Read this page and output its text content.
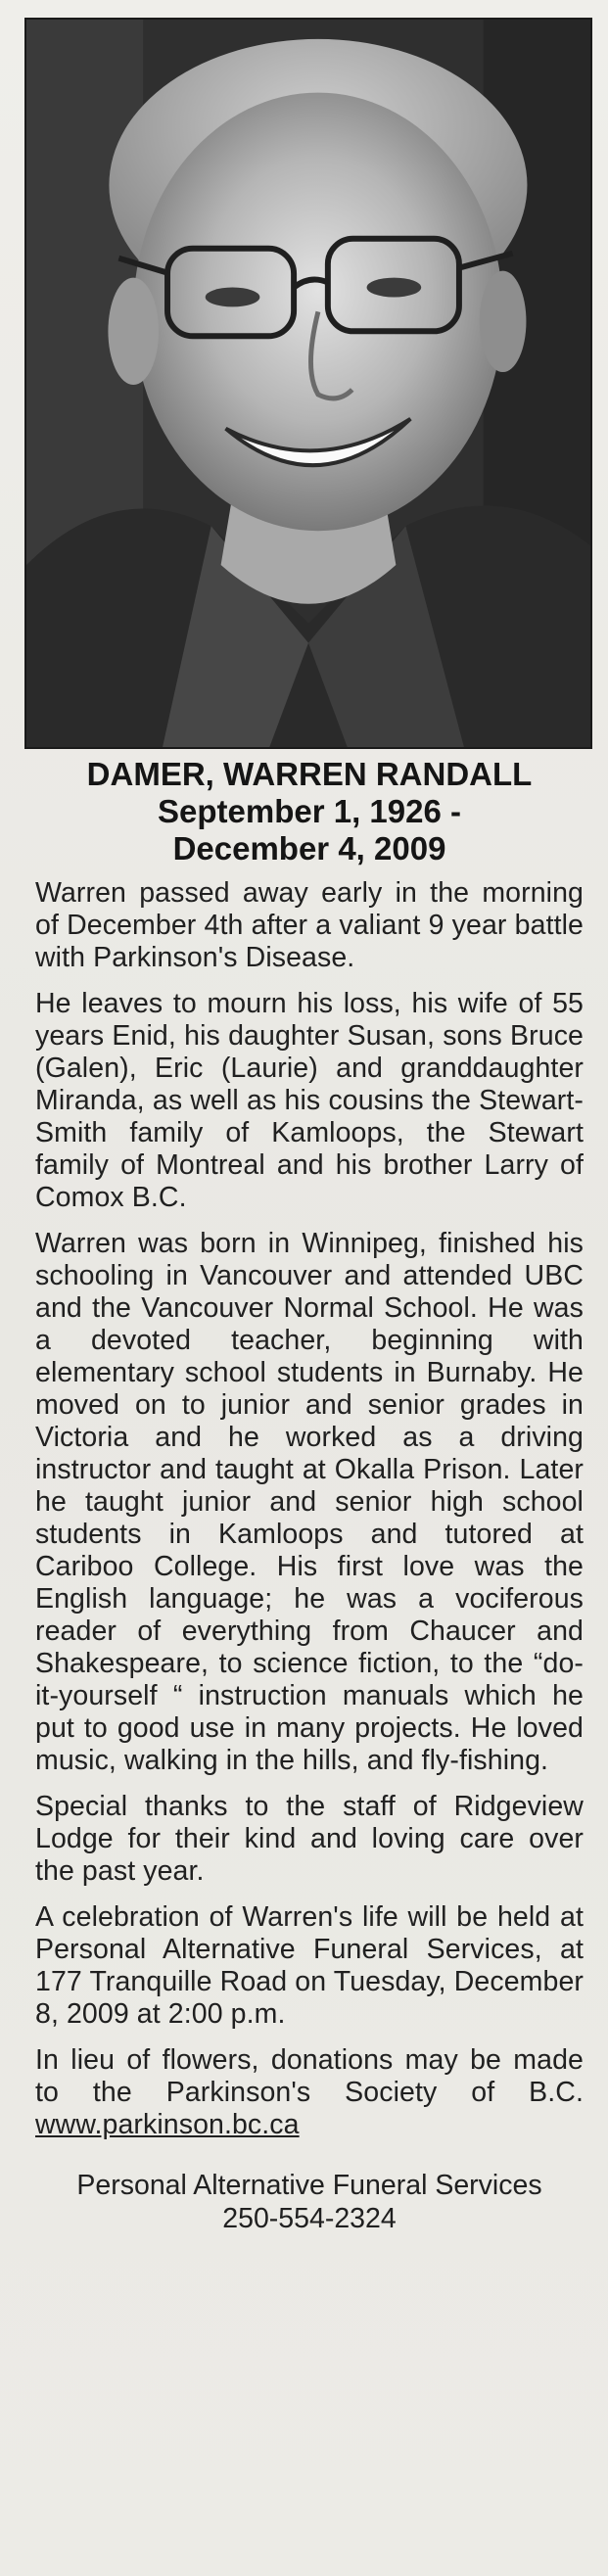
DAMER, WARREN RANDALL
September 1, 1926 -
December 4, 2009

Warren passed away early in the morning of December 4th after a valiant 9 year battle with Parkinson's Disease.

He leaves to mourn his loss, his wife of 55 years Enid, his daughter Susan, sons Bruce (Galen), Eric (Laurie) and granddaughter Miranda, as well as his cousins the Stewart-Smith family of Kamloops, the Stewart family of Montreal and his brother Larry of Comox B.C.

Warren was born in Winnipeg, finished his schooling in Vancouver and attended UBC and the Vancouver Normal School. He was a devoted teacher, beginning with elementary school students in Burnaby. He moved on to junior and senior grades in Victoria and he worked as a driving instructor and taught at Okalla Prison. Later he taught junior and senior high school students in Kamloops and tutored at Cariboo College. His first love was the English language; he was a vociferous reader of everything from Chaucer and Shakespeare, to science fiction, to the “do-it-yourself “ instruction manuals which he put to good use in many projects. He loved music, walking in the hills, and fly-fishing.

Special thanks to the staff of Ridgeview Lodge for their kind and loving care over the past year.

A celebration of Warren's life will be held at Personal Alternative Funeral Services, at 177 Tranquille Road on Tuesday, December 8, 2009 at 2:00 p.m.

In lieu of flowers, donations may be made to the Parkinson's Society of B.C. www.parkinson.bc.ca

Personal Alternative Funeral Services
250-554-2324
